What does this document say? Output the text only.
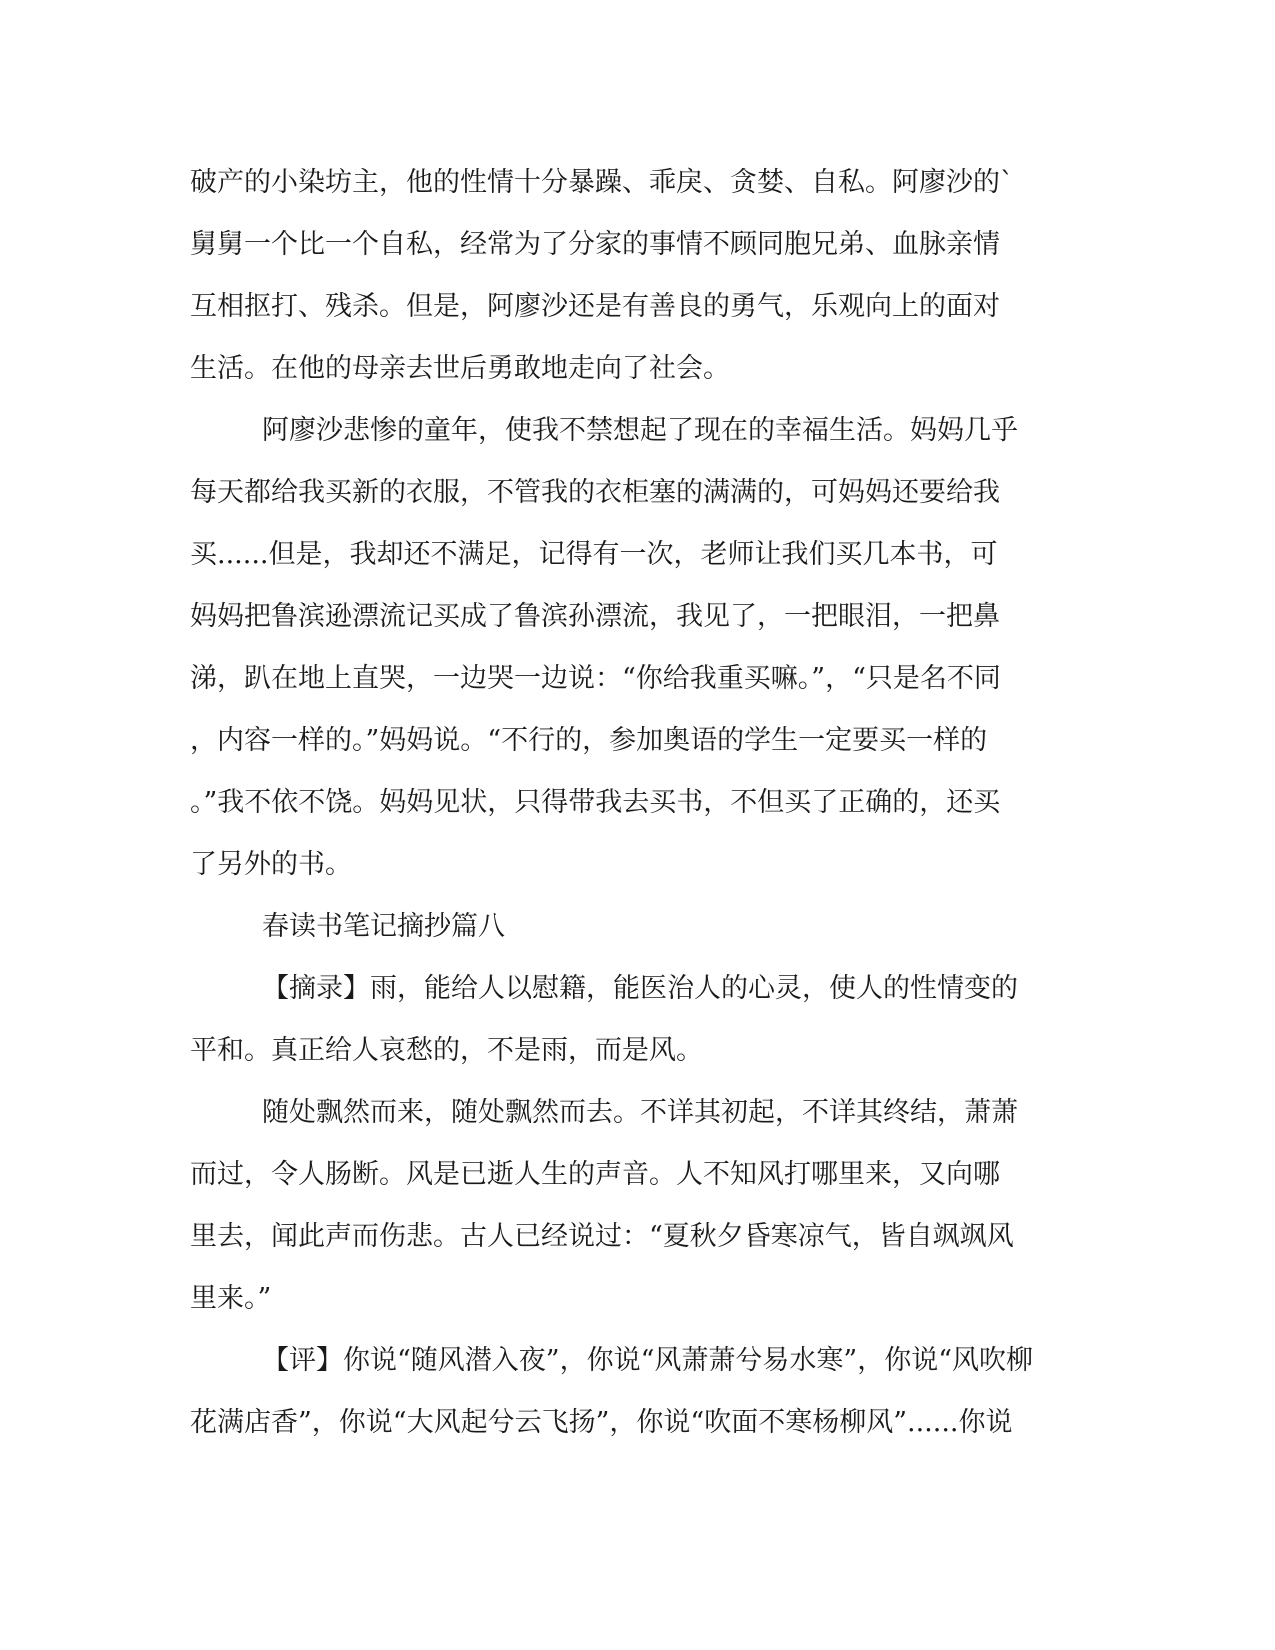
破产的小染坊主，他的性情十分暴躁、乖戾、贪婪、自私。阿廖沙的`
舅舅一个比一个自私，经常为了分家的事情不顾同胞兄弟、血脉亲情
互相抠打、残杀。但是，阿廖沙还是有善良的勇气，乐观向上的面对
生活。在他的母亲去世后勇敢地走向了社会。
阿廖沙悲惨的童年，使我不禁想起了现在的幸福生活。妈妈几乎
每天都给我买新的衣服，不管我的衣柜塞的满满的，可妈妈还要给我
买......但是，我却还不满足，记得有一次，老师让我们买几本书，可
妈妈把鲁滨逊漂流记买成了鲁滨孙漂流，我见了，一把眼泪，一把鼻
涕，趴在地上直哭，一边哭一边说：“你给我重买嘛。”，“只是名不同
，内容一样的。”妈妈说。“不行的，参加奥语的学生一定要买一样的
。”我不依不饶。妈妈见状，只得带我去买书，不但买了正确的，还买
了另外的书。
春读书笔记摘抄篇八
【摘录】雨，能给人以慰籍，能医治人的心灵，使人的性情变的
平和。真正给人哀愁的，不是雨，而是风。
随处飘然而来，随处飘然而去。不详其初起，不详其终结，萧萧
而过，令人肠断。风是已逝人生的声音。人不知风打哪里来，又向哪
里去，闻此声而伤悲。古人已经说过：“夏秋夕昏寒凉气，皆自飒飒风
里来。”
【评】你说“随风潜入夜”，你说“风萧萧兮易水寒”，你说“风吹柳
花满店香”，你说“大风起兮云飞扬”，你说“吹面不寒杨柳风”......你说
